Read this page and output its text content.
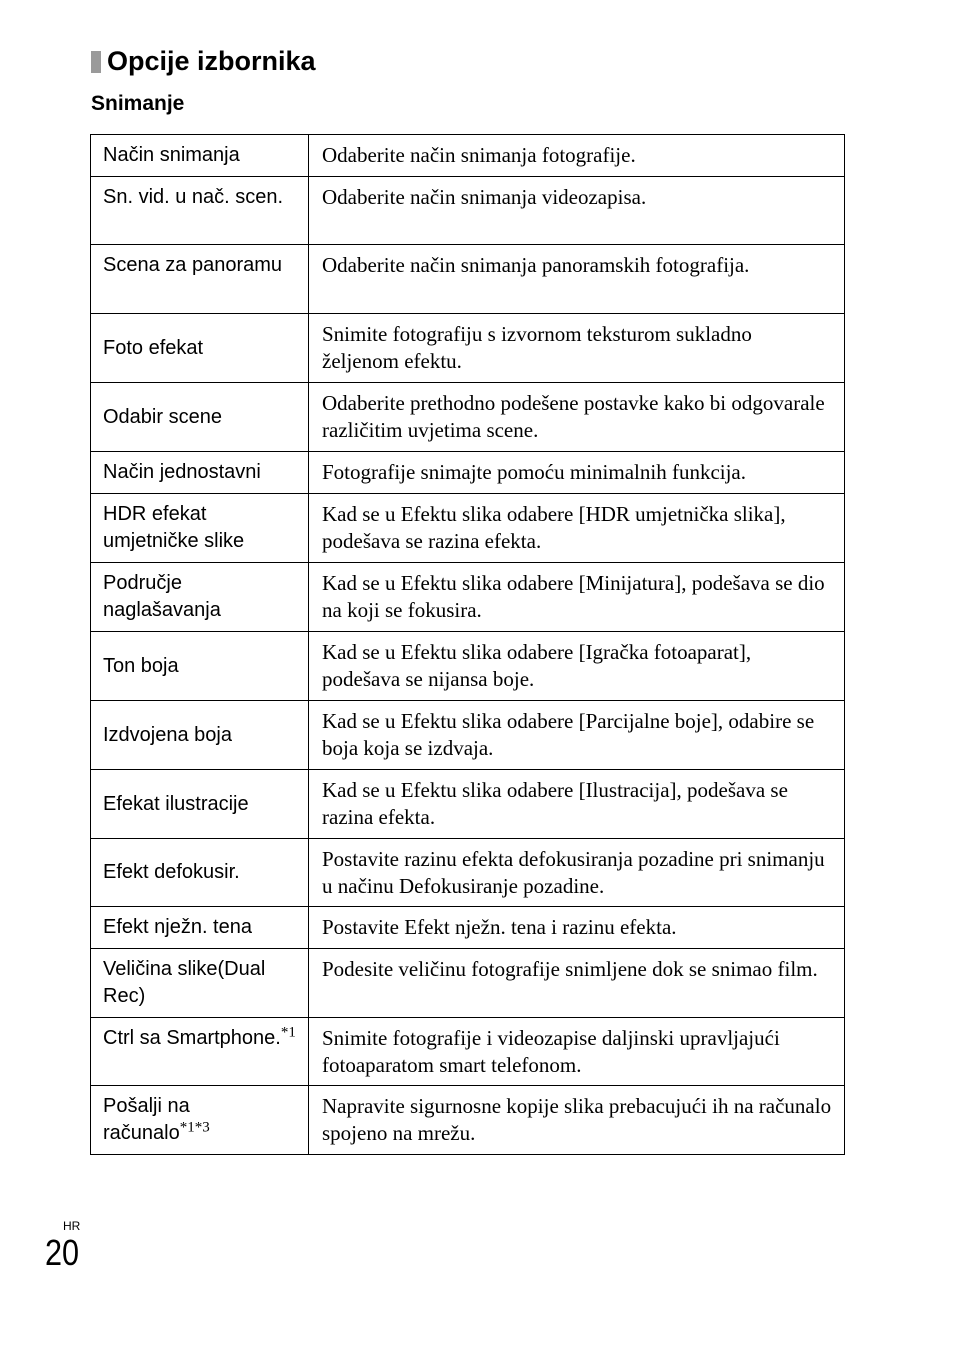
Opcije izbornika
Snimanje
Način snimanja	Odaberite način snimanja fotografije.
Sn. vid. u nač. scen.	Odaberite način snimanja videozapisa.
Scena za panoramu	Odaberite način snimanja panoramskih fotografija.
Foto efekat	Snimite fotografiju s izvornom teksturom sukladno željenom efektu.
Odabir scene	Odaberite prethodno podešene postavke kako bi odgovarale različitim uvjetima scene.
Način jednostavni	Fotografije snimajte pomoću minimalnih funkcija.
HDR efekat umjetničke slike	Kad se u Efektu slika odabere [HDR umjetnička slika], podešava se razina efekta.
Područje naglašavanja	Kad se u Efektu slika odabere [Minijatura], podešava se dio na koji se fokusira.
Ton boja	Kad se u Efektu slika odabere [Igračka fotoaparat], podešava se nijansa boje.
Izdvojena boja	Kad se u Efektu slika odabere [Parcijalne boje], odabire se boja koja se izdvaja.
Efekat ilustracije	Kad se u Efektu slika odabere [Ilustracija], podešava se razina efekta.
Efekt defokusir.	Postavite razinu efekta defokusiranja pozadine pri snimanju u načinu Defokusiranje pozadine.
Efekt nježn. tena	Postavite Efekt nježn. tena i razinu efekta.
Veličina slike(Dual Rec)	Podesite veličinu fotografije snimljene dok se snimao film.
Ctrl sa Smartphone.$^{*1}$	Snimite fotografije i videozapise daljinski upravljajući fotoaparatom smart telefonom.
Pošalji na računalo$^{*1*3}$	Napravite sigurnosne kopije slika prebacujući ih na računalo spojeno na mrežu.
HR
20
